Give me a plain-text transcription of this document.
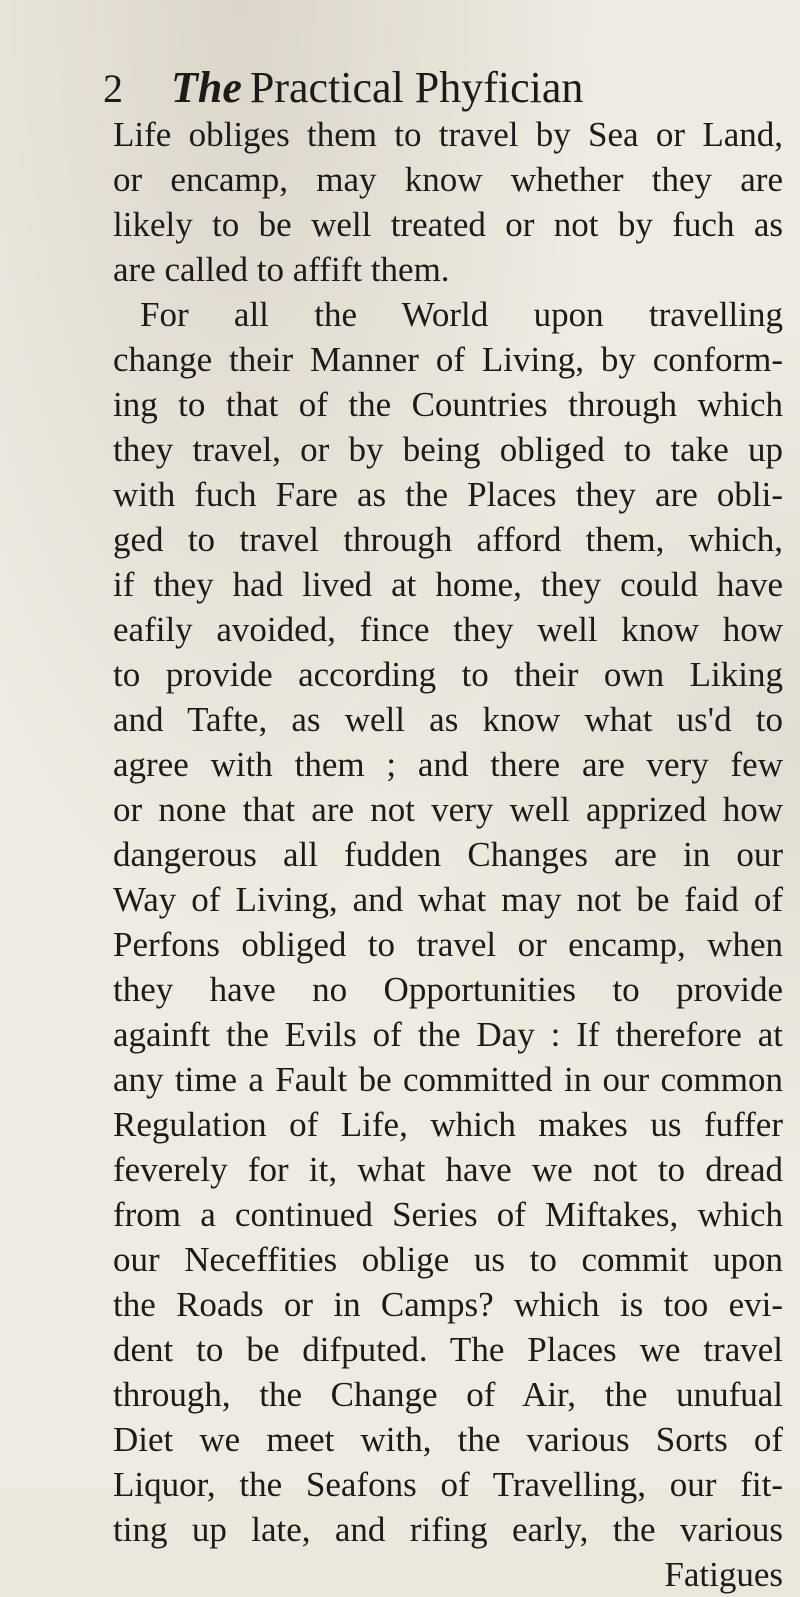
2 The Practical Phyfician
Life obliges them to travel by Sea or Land,
or encamp, may know whether they are
likely to be well treated or not by fuch as
are called to affift them.
For all the World upon travelling
change their Manner of Living, by conform-
ing to that of the Countries through which
they travel, or by being obliged to take up
with fuch Fare as the Places they are obli-
ged to travel through afford them, which,
if they had lived at home, they could have
eafily avoided, fince they well know how
to provide according to their own Liking
and Tafte, as well as know what us'd to
agree with them ; and there are very few
or none that are not very well apprized how
dangerous all fudden Changes are in our
Way of Living, and what may not be faid of
Perfons obliged to travel or encamp, when
they have no Opportunities to provide
againft the Evils of the Day : If therefore at
any time a Fault be committed in our common
Regulation of Life, which makes us fuffer
feverely for it, what have we not to dread
from a continued Series of Miftakes, which
our Neceffities oblige us to commit upon
the Roads or in Camps? which is too evi-
dent to be difputed. The Places we travel
through, the Change of Air, the unufual
Diet we meet with, the various Sorts of
Liquor, the Seafons of Travelling, our fit-
ting up late, and rifing early, the various
Fatigues
